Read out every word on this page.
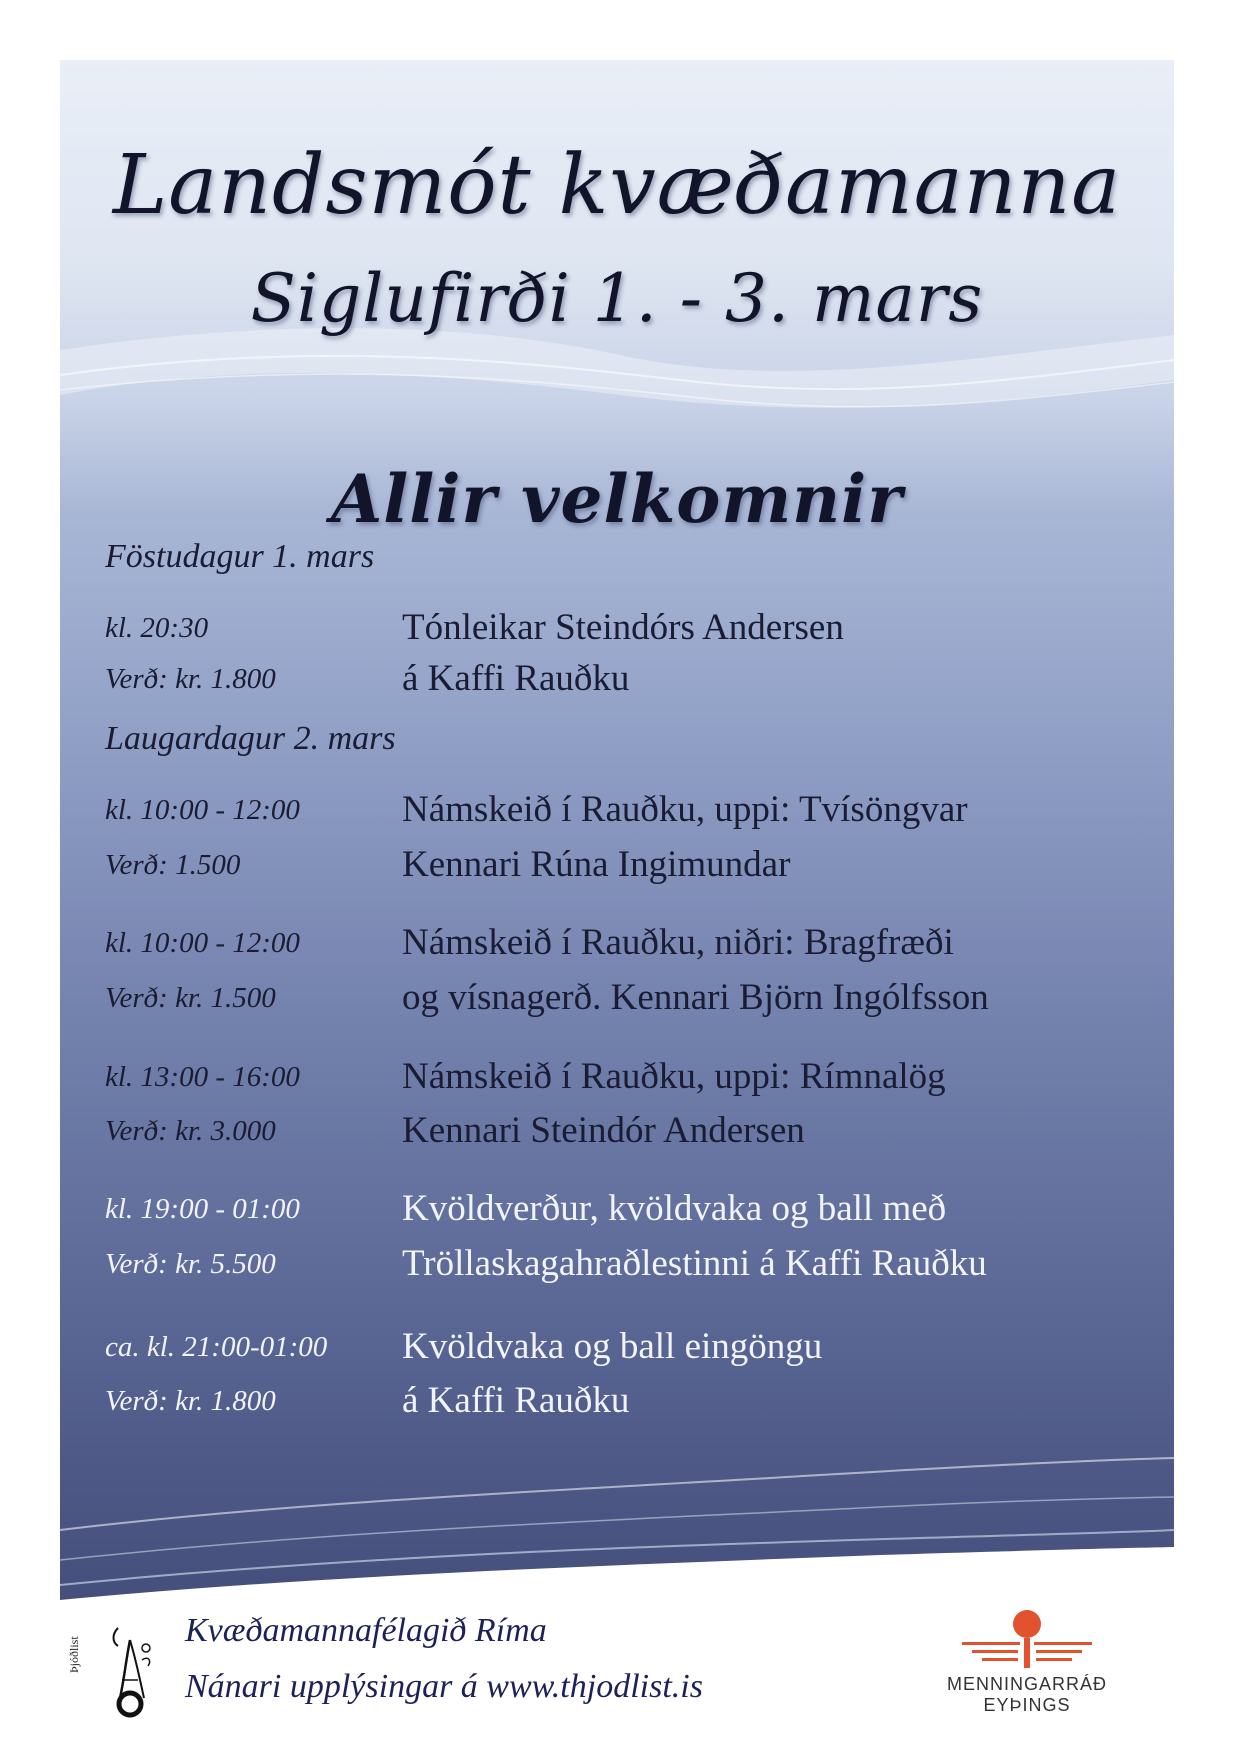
Landsmót kvæðamanna
Siglufirði 1. - 3. mars
Allir velkomnir
Föstudagur 1. mars
kl. 20:30	Tónleikar Steindórs Andersen
Verð: kr. 1.800	á Kaffi Rauðku
Laugardagur 2. mars
kl. 10:00 - 12:00	Námskeið í Rauðku, uppi: Tvísöngvar
Verð: 1.500	Kennari Rúna Ingimundar
kl. 10:00 - 12:00	Námskeið í Rauðku, niðri: Bragfræði
Verð: kr. 1.500	og vísnagerð. Kennari Björn Ingólfsson
kl. 13:00 - 16:00	Námskeið í Rauðku, uppi: Rímnalög
Verð: kr. 3.000	Kennari Steindór Andersen
kl. 19:00 - 01:00	Kvöldverður, kvöldvaka og ball með
Verð: kr. 5.500	Tröllaskagahraðlestinni á Kaffi Rauðku
ca. kl. 21:00-01:00 Kvöldvaka og ball eingöngu
Verð: kr. 1.800	á Kaffi Rauðku
Þjóðlist
Kvæðamannafélagið Ríma
Nánari upplýsingar á www.thjodlist.is	MENNINGARRÁÐ
EYÞINGS
